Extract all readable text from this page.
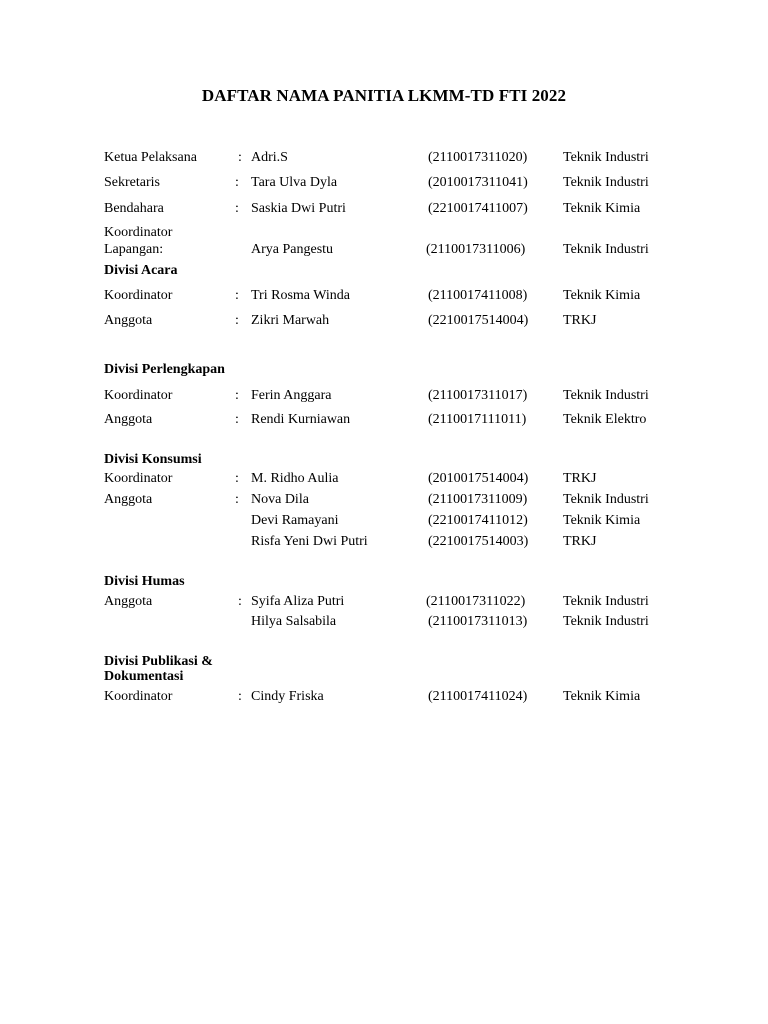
DAFTAR NAMA PANITIA LKMM-TD FTI 2022
Ketua Pelaksana	: Adri.S	(2110017311020)	Teknik Industri
Sekretaris	: Tara Ulva Dyla	(2010017311041)	Teknik Industri
Bendahara	: Saskia Dwi Putri	(2210017411007)	Teknik Kimia
Koordinator
Lapangan:	Arya Pangestu	(2110017311006)	Teknik Industri
Divisi Acara
Koordinator	: Tri Rosma Winda	(2110017411008)	Teknik Kimia
Anggota	: Zikri Marwah	(2210017514004) TRKJ
Divisi Perlengkapan
Koordinator	: Ferin Anggara	(2110017311017)	Teknik Industri
Anggota	: Rendi Kurniawan	(2110017111011)	Teknik Elektro
Divisi Konsumsi
Koordinator	: M. Ridho Aulia	(2010017514004) TRKJ
Anggota	: Nova Dila	(2110017311009)	Teknik Industri
Devi Ramayani	(2210017411012)	Teknik Kimia
Risfa Yeni Dwi Putri	(2210017514003) TRKJ
Divisi Humas
Anggota	: Syifa Aliza Putri	(2110017311022)	Teknik Industri
Hilya Salsabila	(2110017311013)	Teknik Industri
Divisi Publikasi &
Dokumentasi
Koordinator	: Cindy Friska	(2110017411024)	Teknik Kimia
